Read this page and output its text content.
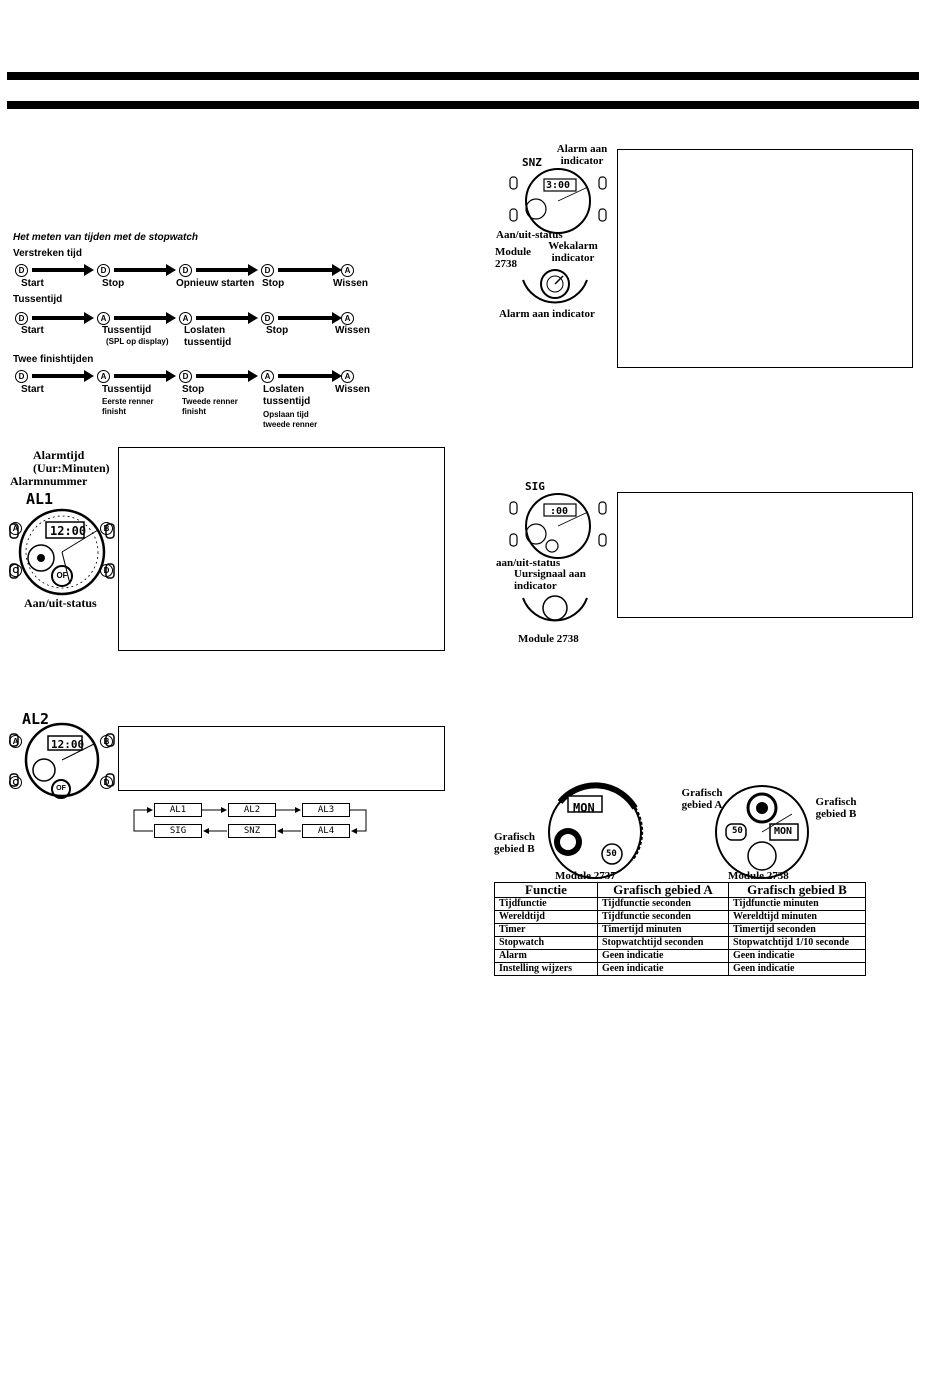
Het meten van tijden met de stopwatch
Verstreken tijd
D	D	D	D	A
Start	Stop	Opnieuw starten Stop	Wissen
Tussentijd
D	A	A	D	A
Start	Tussentijd
(SPL op display)
Loslaten tussentijd
Stop	Wissen
Twee finishtijden
D	A	D	A	A
Start	Tussentijd
Eerste renner finisht
Stop
Tweede renner finisht
Loslaten tussentijd
Opslaan tijd tweede renner
Wissen
Alarmtijd
(Uur:Minuten)
Alarmnummer
AL1
12:00
A	B
C	D
OF
Aan/uit-status
AL2
12:00
A	B
C	D
OF
AL1	AL2	AL3
SIG	SNZ	AL4
Alarm aan indicator
SNZ
3:00
Aan/uit-status
Wekalarm indicator
Module 2738
Alarm aan indicator
SIG
:00
aan/uit-status
Uursignaal aan indicator
Module 2738
MON
50
Grafisch gebied A
Grafisch gebied B
50	MON
Grafisch gebied B
Module 2737	Module 2738
Functie	Grafisch gebied A	Grafisch gebied B
Tijdfunctie	Tijdfunctie seconden	Tijdfunctie minuten
Wereldtijd	Tijdfunctie seconden	Wereldtijd minuten
Timer	Timertijd minuten	Timertijd seconden
Stopwatch	Stopwatchtijd seconden	Stopwatchtijd 1/10 seconde
Alarm	Geen indicatie	Geen indicatie
Instelling wijzers	Geen indicatie	Geen indicatie
